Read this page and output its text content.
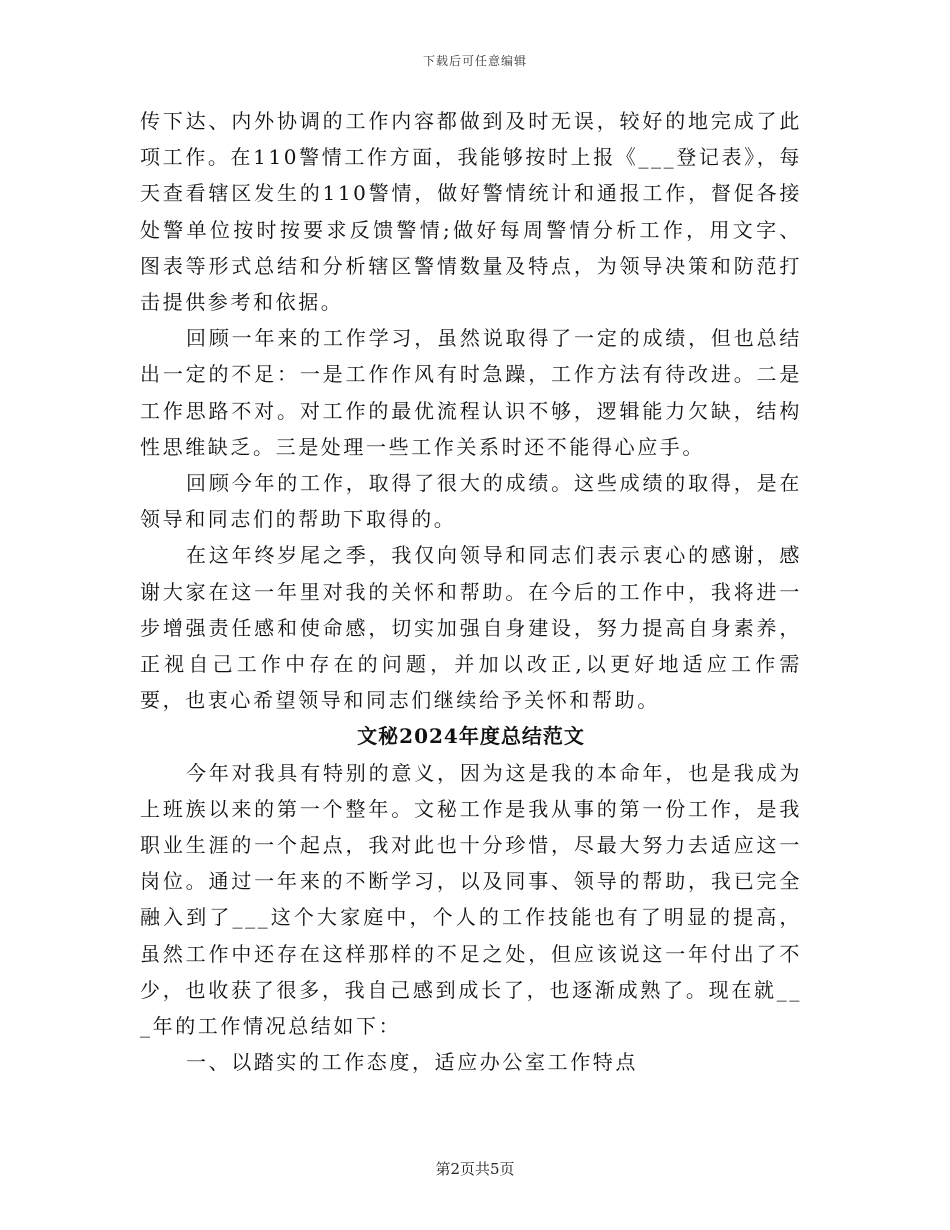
下载后可任意编辑

传下达、内外协调的工作内容都做到及时无误，较好的地完成了此项工作。在110警情工作方面，我能够按时上报《___登记表》，每天查看辖区发生的110警情，做好警情统计和通报工作，督促各接处警单位按时按要求反馈警情;做好每周警情分析工作，用文字、图表等形式总结和分析辖区警情数量及特点，为领导决策和防范打击提供参考和依据。

回顾一年来的工作学习，虽然说取得了一定的成绩，但也总结出一定的不足：一是工作作风有时急躁，工作方法有待改进。二是工作思路不对。对工作的最优流程认识不够，逻辑能力欠缺，结构性思维缺乏。三是处理一些工作关系时还不能得心应手。

回顾今年的工作，取得了很大的成绩。这些成绩的取得，是在领导和同志们的帮助下取得的。

在这年终岁尾之季，我仅向领导和同志们表示衷心的感谢，感谢大家在这一年里对我的关怀和帮助。在今后的工作中，我将进一步增强责任感和使命感，切实加强自身建设，努力提高自身素养，正视自己工作中存在的问题，并加以改正,以更好地适应工作需要，也衷心希望领导和同志们继续给予关怀和帮助。

文秘2024年度总结范文

今年对我具有特别的意义，因为这是我的本命年，也是我成为上班族以来的第一个整年。文秘工作是我从事的第一份工作，是我职业生涯的一个起点，我对此也十分珍惜，尽最大努力去适应这一岗位。通过一年来的不断学习，以及同事、领导的帮助，我已完全融入到了___这个大家庭中，个人的工作技能也有了明显的提高，虽然工作中还存在这样那样的不足之处，但应该说这一年付出了不少，也收获了很多，我自己感到成长了，也逐渐成熟了。现在就___年的工作情况总结如下：

一、以踏实的工作态度，适应办公室工作特点

第2页共5页
